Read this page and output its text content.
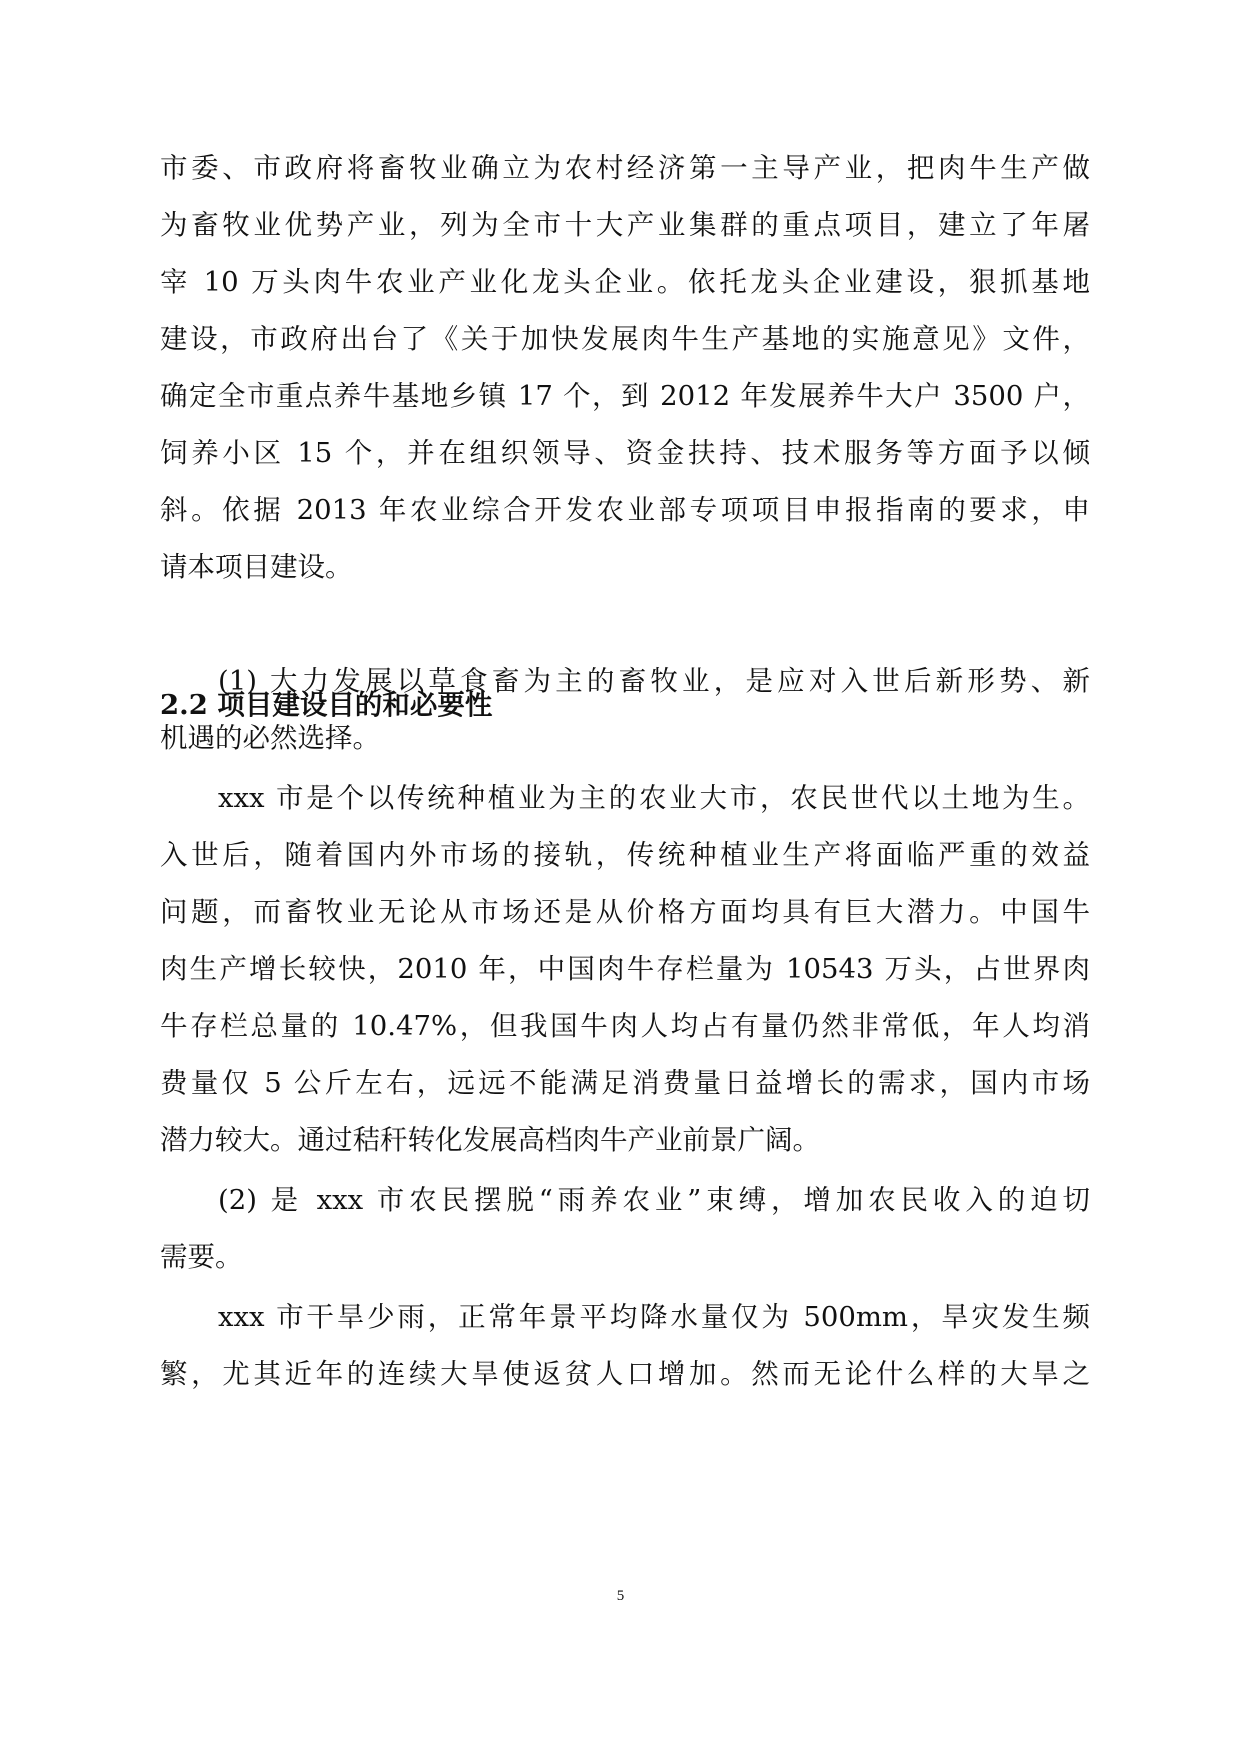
市委、市政府将畜牧业确立为农村经济第一主导产业，把肉牛生产做
为畜牧业优势产业，列为全市十大产业集群的重点项目，建立了年屠
宰 10 万头肉牛农业产业化龙头企业。依托龙头企业建设，狠抓基地
建设，市政府出台了《关于加快发展肉牛生产基地的实施意见》文件，
确定全市重点养牛基地乡镇 17 个，到 2012 年发展养牛大户 3500 户，
饲养小区 15 个，并在组织领导、资金扶持、技术服务等方面予以倾
斜。依据 2013 年农业综合开发农业部专项项目申报指南的要求，申
请本项目建设。
2.2 项目建设目的和必要性
(1) 大力发展以草食畜为主的畜牧业，是应对入世后新形势、新
机遇的必然选择。
xxx 市是个以传统种植业为主的农业大市，农民世代以土地为生。
入世后，随着国内外市场的接轨，传统种植业生产将面临严重的效益
问题，而畜牧业无论从市场还是从价格方面均具有巨大潜力。中国牛
肉生产增长较快，2010 年，中国肉牛存栏量为 10543 万头，占世界肉
牛存栏总量的 10.47%，但我国牛肉人均占有量仍然非常低，年人均消
费量仅 5 公斤左右，远远不能满足消费量日益增长的需求，国内市场
潜力较大。通过秸秆转化发展高档肉牛产业前景广阔。
(2) 是 xxx 市农民摆脱“雨养农业”束缚，增加农民收入的迫切
需要。
xxx 市干旱少雨，正常年景平均降水量仅为 500mm，旱灾发生频
繁，尤其近年的连续大旱使返贫人口增加。然而无论什么样的大旱之
5
